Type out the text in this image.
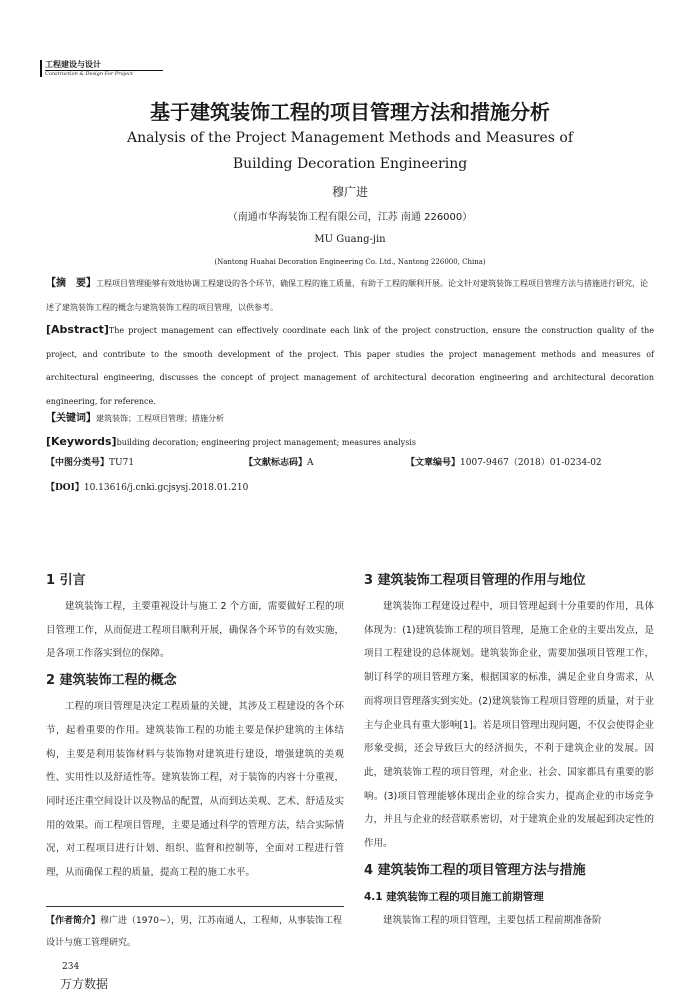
工程建设与设计
Construction & Design For Project
基于建筑装饰工程的项目管理方法和措施分析
Analysis of the Project Management Methods and Measures of
Building Decoration Engineering
穆广进
（南通市华海装饰工程有限公司，江苏 南通 226000）
MU Guang-jin
(Nantong Huahai Decoration Engineering Co. Ltd., Nantong 226000, China)
【摘　要】工程项目管理能够有效地协调工程建设的各个环节，确保工程的施工质量，有助于工程的顺利开展。论文针对建筑装饰工程项目管理方法与措施进行研究，论述了建筑装饰工程的概念与建筑装饰工程的项目管理，以供参考。
[Abstract]The project management can effectively coordinate each link of the project construction, ensure the construction quality of the project, and contribute to the smooth development of the project. This paper studies the project management methods and measures of architectural engineering, discusses the concept of project management of architectural decoration engineering and architectural decoration engineering, for reference.
【关键词】建筑装饰；工程项目管理；措施分析
[Keywords]building decoration; engineering project management; measures analysis
【中图分类号】TU71	【文献标志码】A	【文章编号】1007-9467（2018）01-0234-02
【DOI】10.13616/j.cnki.gcjsysj.2018.01.210
1 引言

建筑装饰工程，主要重视设计与施工 2 个方面，需要做好工程的项目管理工作，从而促进工程项目顺利开展，确保各个环节的有效实施，是各项工作落实到位的保障。

2 建筑装饰工程的概念

工程的项目管理是决定工程质量的关键，其涉及工程建设的各个环节，起着重要的作用。建筑装饰工程的功能主要是保护建筑的主体结构，主要是利用装饰材料与装饰物对建筑进行建设，增强建筑的美观性、实用性以及舒适性等。建筑装饰工程，对于装饰的内容十分重视，同时还注重空间设计以及物品的配置，从而到达美观、艺术、舒适及实用的效果。而工程项目管理，主要是通过科学的管理方法，结合实际情况，对工程项目进行计划、组织、监督和控制等，全面对工程进行管理，从而确保工程的质量，提高工程的施工水平。

3 建筑装饰工程项目管理的作用与地位

建筑装饰工程建设过程中，项目管理起到十分重要的作用，具体体现为：(1)建筑装饰工程的项目管理，是施工企业的主要出发点，是项目工程建设的总体规划。建筑装饰企业，需要加强项目管理工作，制订科学的项目管理方案，根据国家的标准，满足企业自身需求，从而将项目管理落实到实处。(2)建筑装饰工程项目管理的质量，对于业主与企业具有重大影响[1]。若是项目管理出现问题，不仅会使得企业形象受损，还会导致巨大的经济损失，不利于建筑企业的发展。因此，建筑装饰工程的项目管理，对企业、社会、国家都具有重要的影响。(3)项目管理能够体现出企业的综合实力，提高企业的市场竞争力，并且与企业的经营联系密切，对于建筑企业的发展起到决定性的作用。

4 建筑装饰工程的项目管理方法与措施
4.1 建筑装饰工程的项目施工前期管理

建筑装饰工程的项目管理，主要包括工程前期准备阶

【作者简介】穆广进（1970~），男，江苏南通人，工程师，从事装饰工程设计与施工管理研究。
234
万方数据
